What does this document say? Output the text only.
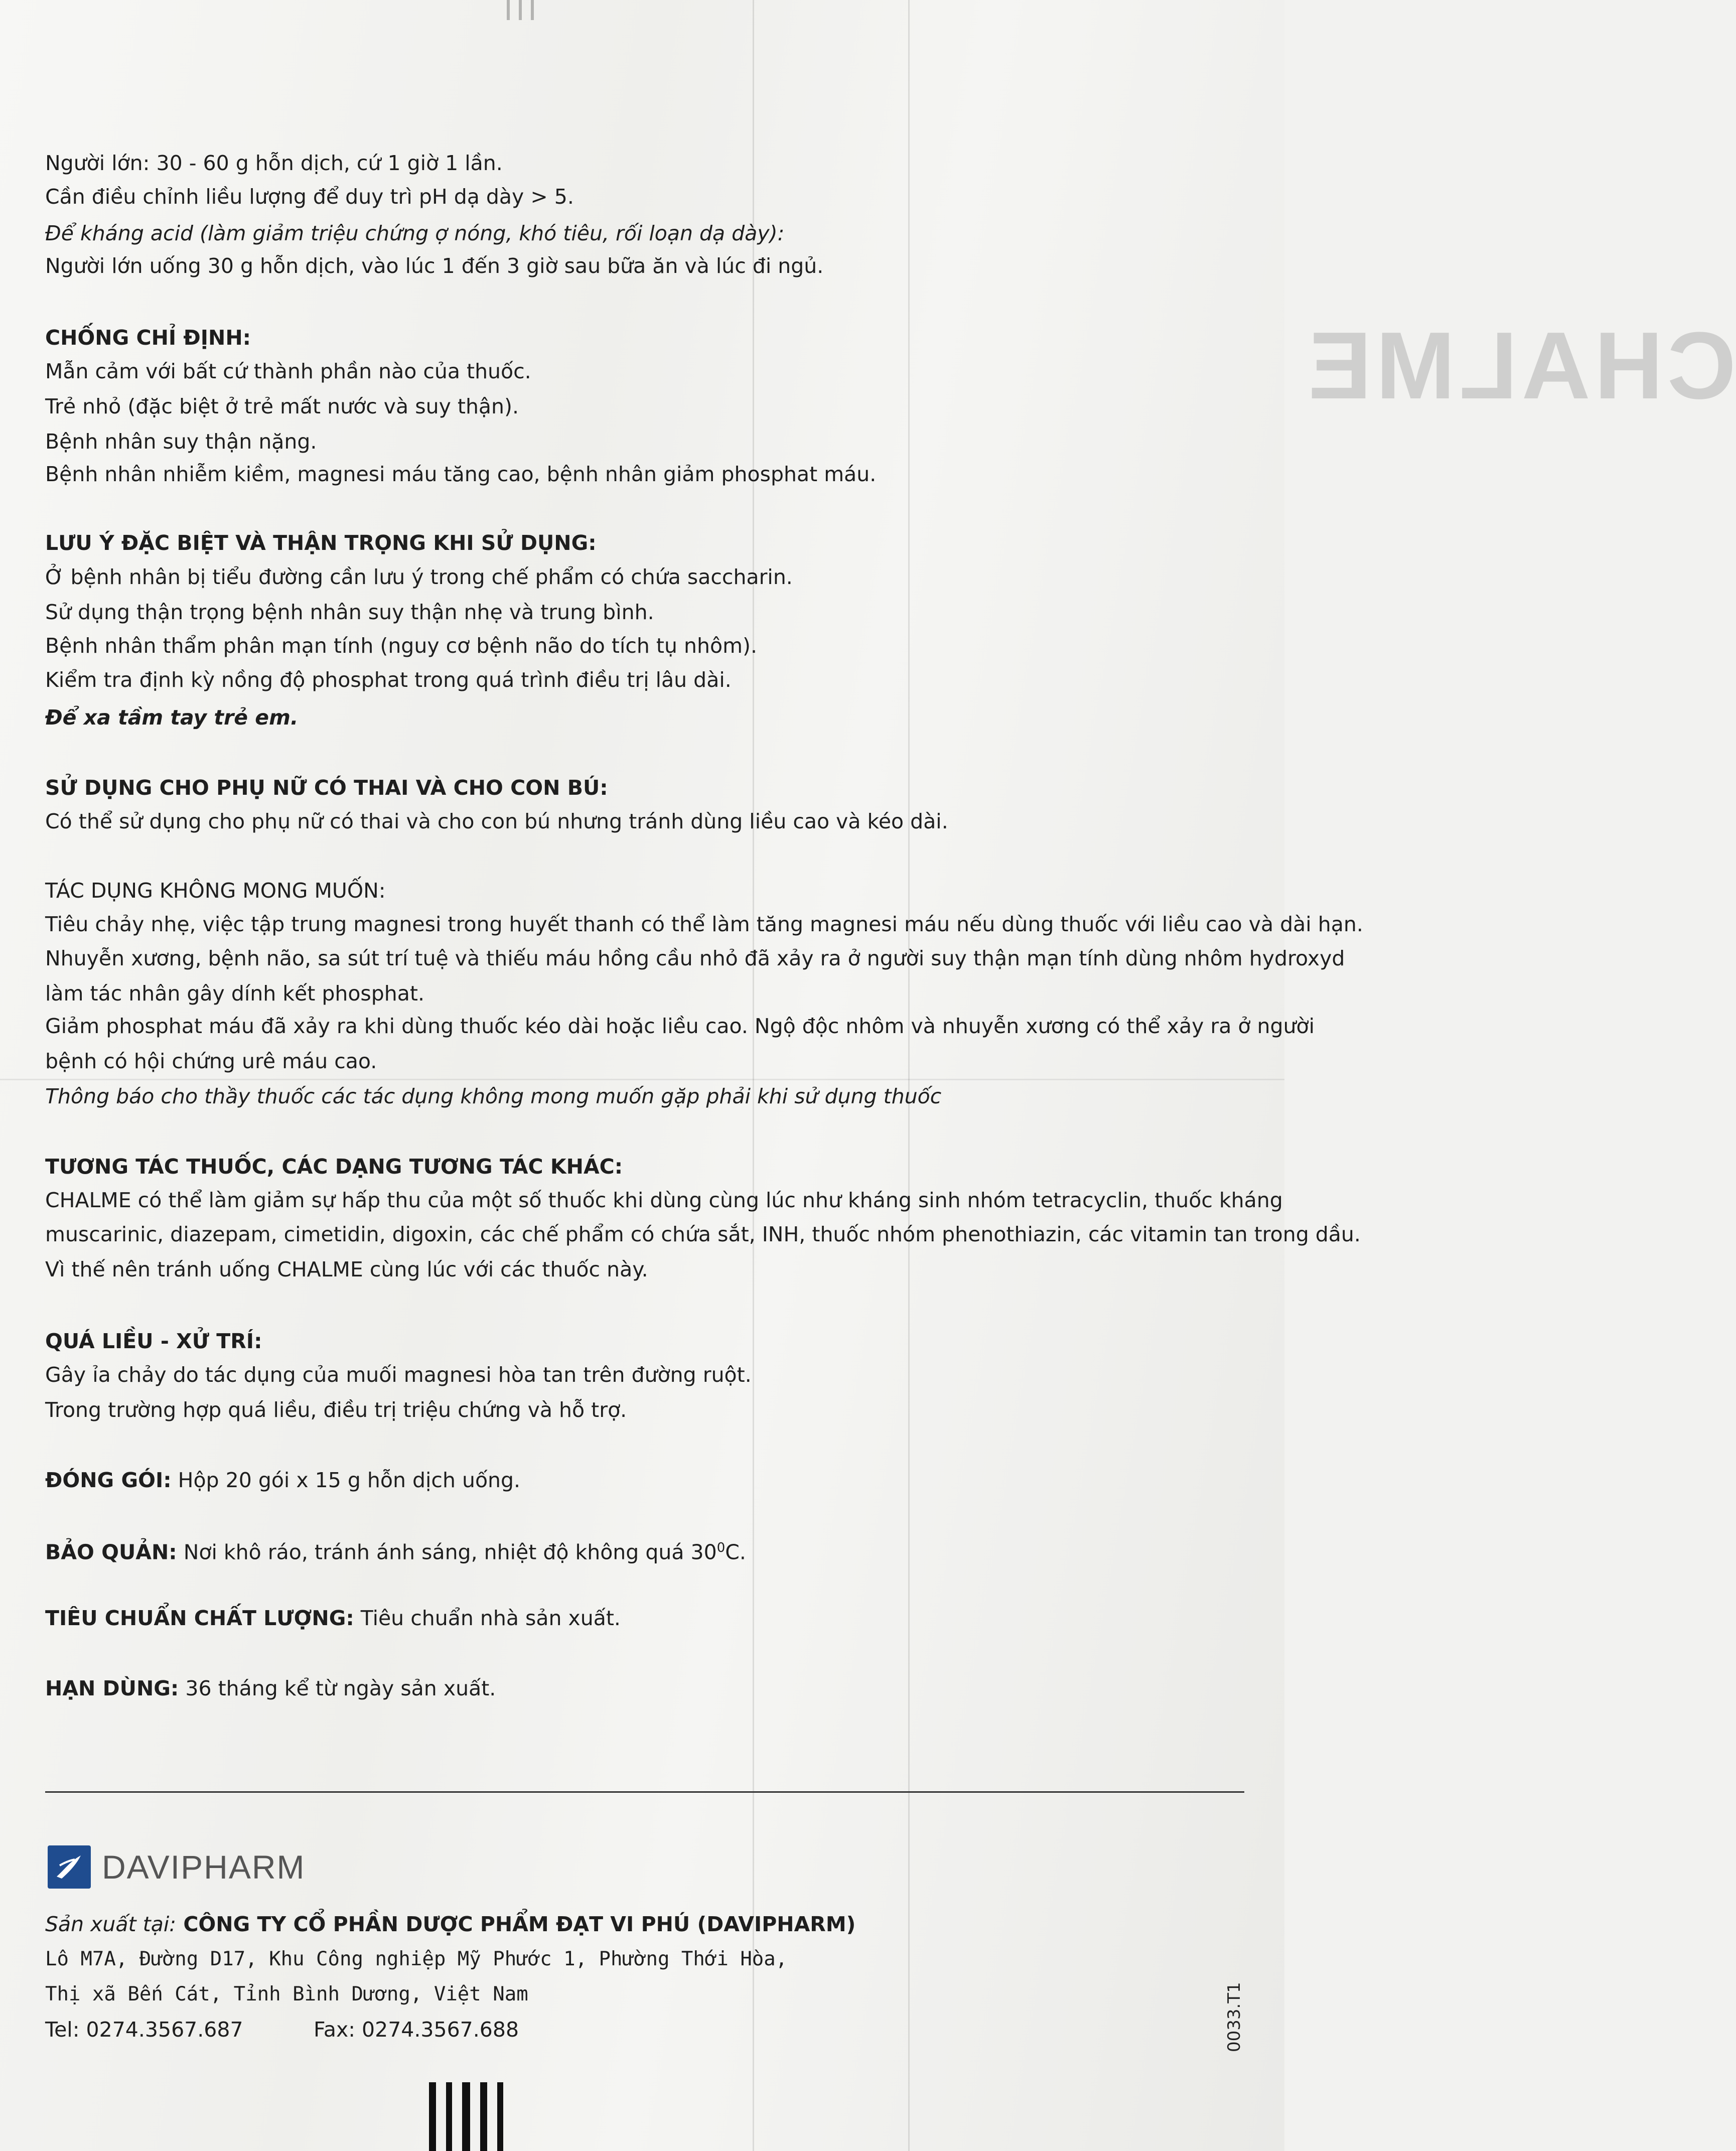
CHALME
Người lớn: 30 - 60 g hỗn dịch, cứ 1 giờ 1 lần.
Cần điều chỉnh liều lượng để duy trì pH dạ dày > 5.
Để kháng acid (làm giảm triệu chứng ợ nóng, khó tiêu, rối loạn dạ dày):
Người lớn uống 30 g hỗn dịch, vào lúc 1 đến 3 giờ sau bữa ăn và lúc đi ngủ.
CHỐNG CHỈ ĐỊNH:
Mẫn cảm với bất cứ thành phần nào của thuốc.
Trẻ nhỏ (đặc biệt ở trẻ mất nước và suy thận).
Bệnh nhân suy thận nặng.
Bệnh nhân nhiễm kiềm, magnesi máu tăng cao, bệnh nhân giảm phosphat máu.
LƯU Ý ĐẶC BIỆT VÀ THẬN TRỌNG KHI SỬ DỤNG:
Ở bệnh nhân bị tiểu đường cần lưu ý trong chế phẩm có chứa saccharin.
Sử dụng thận trọng bệnh nhân suy thận nhẹ và trung bình.
Bệnh nhân thẩm phân mạn tính (nguy cơ bệnh não do tích tụ nhôm).
Kiểm tra định kỳ nồng độ phosphat trong quá trình điều trị lâu dài.
Để xa tầm tay trẻ em.
SỬ DỤNG CHO PHỤ NỮ CÓ THAI VÀ CHO CON BÚ:
Có thể sử dụng cho phụ nữ có thai và cho con bú nhưng tránh dùng liều cao và kéo dài.
TÁC DỤNG KHÔNG MONG MUỐN:
Tiêu chảy nhẹ, việc tập trung magnesi trong huyết thanh có thể làm tăng magnesi máu nếu dùng thuốc với liều cao và dài hạn.
Nhuyễn xương, bệnh não, sa sút trí tuệ và thiếu máu hồng cầu nhỏ đã xảy ra ở người suy thận mạn tính dùng nhôm hydroxyd
làm tác nhân gây dính kết phosphat.
Giảm phosphat máu đã xảy ra khi dùng thuốc kéo dài hoặc liều cao. Ngộ độc nhôm và nhuyễn xương có thể xảy ra ở người
bệnh có hội chứng urê máu cao.
Thông báo cho thầy thuốc các tác dụng không mong muốn gặp phải khi sử dụng thuốc
TƯƠNG TÁC THUỐC, CÁC DẠNG TƯƠNG TÁC KHÁC:
CHALME có thể làm giảm sự hấp thu của một số thuốc khi dùng cùng lúc như kháng sinh nhóm tetracyclin, thuốc kháng
muscarinic, diazepam, cimetidin, digoxin, các chế phẩm có chứa sắt, INH, thuốc nhóm phenothiazin, các vitamin tan trong dầu.
Vì thế nên tránh uống CHALME cùng lúc với các thuốc này.
QUÁ LIỀU - XỬ TRÍ:
Gây ỉa chảy do tác dụng của muối magnesi hòa tan trên đường ruột.
Trong trường hợp quá liều, điều trị triệu chứng và hỗ trợ.
ĐÓNG GÓI: Hộp 20 gói x 15 g hỗn dịch uống.
BẢO QUẢN: Nơi khô ráo, tránh ánh sáng, nhiệt độ không quá $30^0C$.
TIÊU CHUẨN CHẤT LƯỢNG: Tiêu chuẩn nhà sản xuất.
HẠN DÙNG: 36 tháng kể từ ngày sản xuất.
DAVIPHARM
Sản xuất tại: CÔNG TY CỔ PHẦN DƯỢC PHẨM ĐẠT VI PHÚ (DAVIPHARM)
Lô M7A, Đường D17, Khu Công nghiệp Mỹ Phước 1, Phường Thới Hòa,
Thị xã Bến Cát, Tỉnh Bình Dương, Việt Nam
Tel: 0274.3567.687	Fax: 0274.3567.688	0033.T1
